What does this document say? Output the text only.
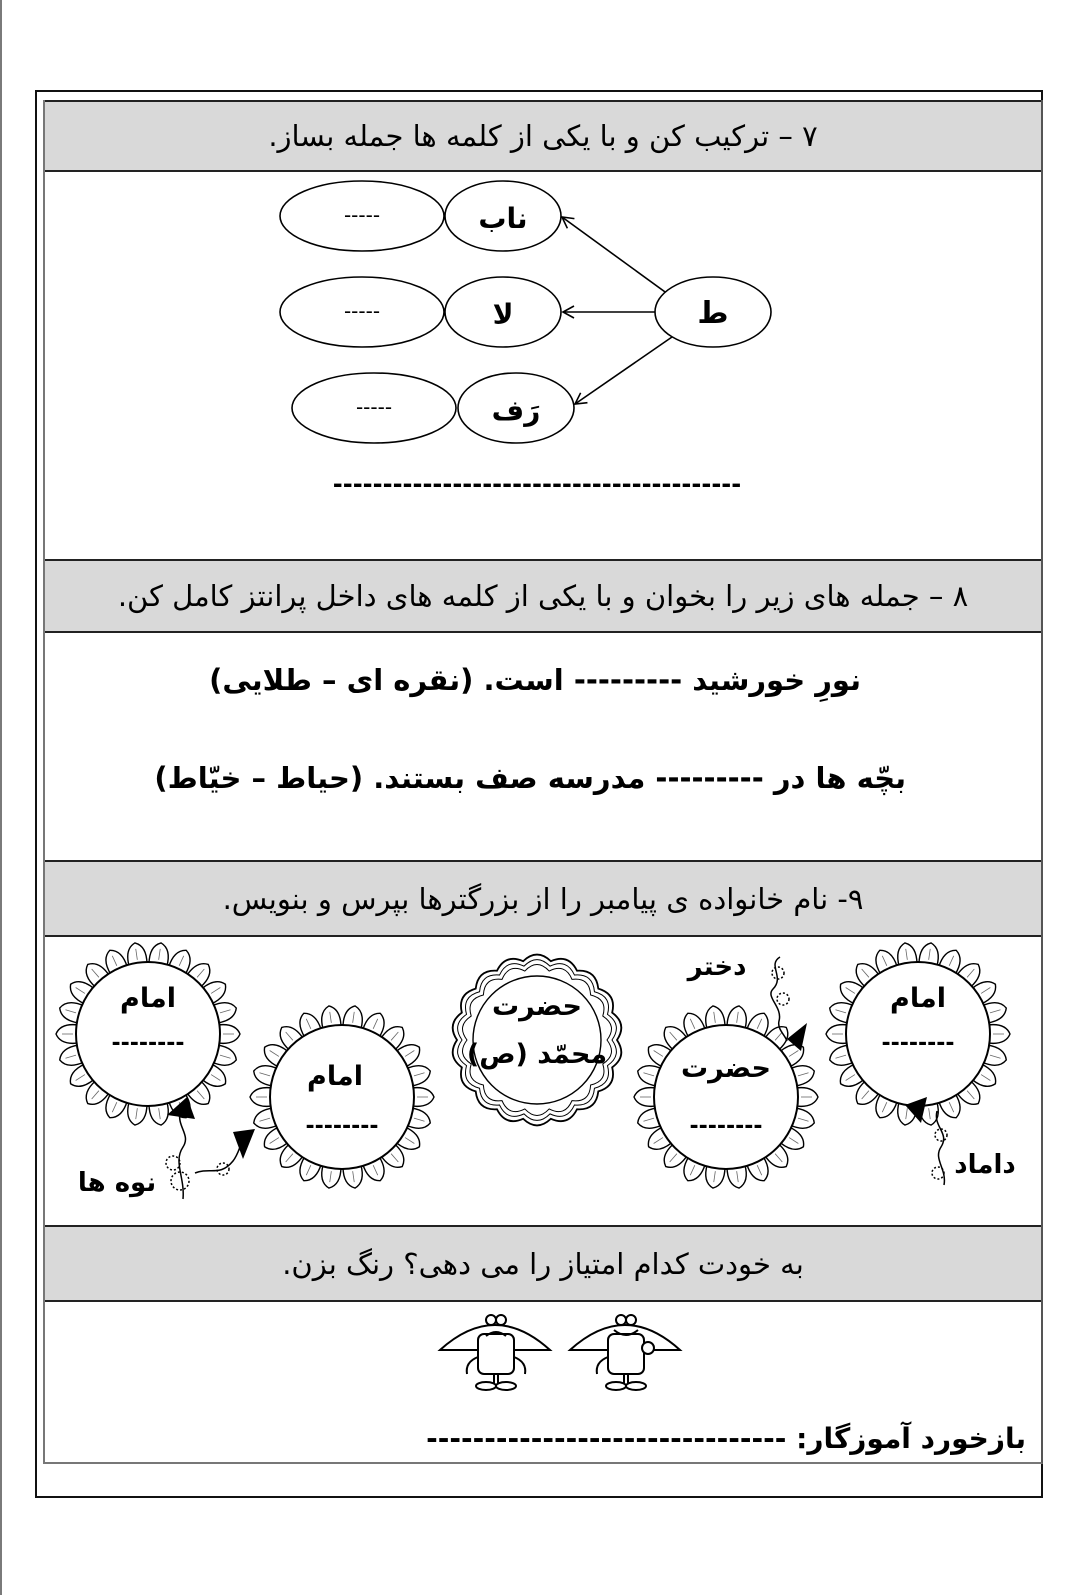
۷ – ترکیب کن و با یکی از کلمه ها جمله بساز.
ط
-----	ناب
-----	لا
-----	رَف
-----------------------------------------
۸ – جمله های زیر را بخوان و با یکی از کلمه های داخل پرانتز کامل کن.
نورِ خورشید --------- است. (نقره ای – طلایی)
بچّه ها در --------- مدرسه صف بستند. (حیاط – خیّاط)
۹- نام خانواده ی پیامبر را از بزرگترها بپرس و بنویس.
حضرت
محمّد (ص)
امام
--------
امام
--------
حضرت
--------
امام
--------
نوه ها
دختر
داماد
به خودت کدام امتیاز را می دهی؟ رنگ بزن.
بازخورد آموزگار: -------------------------------
